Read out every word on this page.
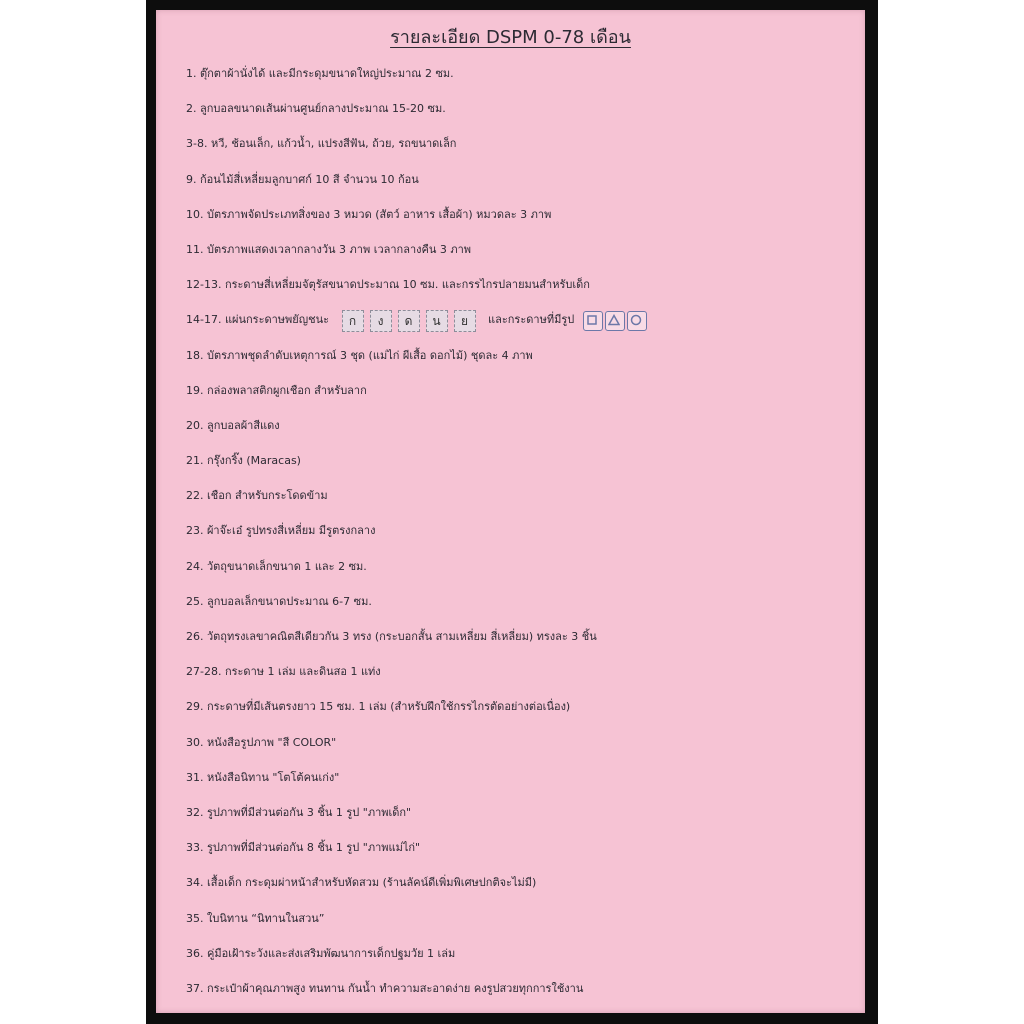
รายละเอียด DSPM 0-78 เดือน
1. ตุ๊กตาผ้านั่งได้ และมีกระดุมขนาดใหญ่ประมาณ 2 ซม.
2. ลูกบอลขนาดเส้นผ่านศูนย์กลางประมาณ 15-20 ซม.
3-8. หวี, ช้อนเล็ก, แก้วน้ำ, แปรงสีฟัน, ถ้วย, รถขนาดเล็ก
9. ก้อนไม้สี่เหลี่ยมลูกบาศก์ 10 สี จำนวน 10 ก้อน
10. บัตรภาพจัดประเภทสิ่งของ 3 หมวด (สัตว์ อาหาร เสื้อผ้า) หมวดละ 3 ภาพ
11. บัตรภาพแสดงเวลากลางวัน 3 ภาพ เวลากลางคืน 3 ภาพ
12-13. กระดาษสี่เหลี่ยมจัตุรัสขนาดประมาณ 10 ซม. และกรรไกรปลายมนสำหรับเด็ก
14-17. แผ่นกระดาษพยัญชนะ ก ง ด น ย และกระดาษที่มีรูป
18. บัตรภาพชุดลำดับเหตุการณ์ 3 ชุด (แม่ไก่ ผีเสื้อ ดอกไม้) ชุดละ 4 ภาพ
19. กล่องพลาสติกผูกเชือก สำหรับลาก
20. ลูกบอลผ้าสีแดง
21. กรุ๊งกริ๊ง (Maracas)
22. เชือก สำหรับกระโดดข้าม
23. ผ้าจ๊ะเอ๋ รูปทรงสี่เหลี่ยม มีรูตรงกลาง
24. วัตถุขนาดเล็กขนาด 1 และ 2 ซม.
25. ลูกบอลเล็กขนาดประมาณ 6-7 ซม.
26. วัตถุทรงเลขาคณิตสีเดียวกัน 3 ทรง (กระบอกสั้น สามเหลี่ยม สี่เหลี่ยม) ทรงละ 3 ชิ้น
27-28. กระดาษ 1 เล่ม และดินสอ 1 แท่ง
29. กระดาษที่มีเส้นตรงยาว 15 ซม. 1 เล่ม (สำหรับฝึกใช้กรรไกรตัดอย่างต่อเนื่อง)
30. หนังสือรูปภาพ "สี COLOR"
31. หนังสือนิทาน "โตโต้คนเก่ง"
32. รูปภาพที่มีส่วนต่อกัน 3 ชิ้น 1 รูป "ภาพเด็ก"
33. รูปภาพที่มีส่วนต่อกัน 8 ชิ้น 1 รูป "ภาพแม่ไก่"
34. เสื้อเด็ก กระดุมผ่าหน้าสำหรับหัดสวม (ร้านลัคน์ดีเพิ่มพิเศษปกติจะไม่มี)
35. ใบนิทาน “นิทานในสวน”
36. คู่มือเฝ้าระวังและส่งเสริมพัฒนาการเด็กปฐมวัย 1 เล่ม
37. กระเป๋าผ้าคุณภาพสูง ทนทาน กันน้ำ ทำความสะอาดง่าย คงรูปสวยทุกการใช้งาน
